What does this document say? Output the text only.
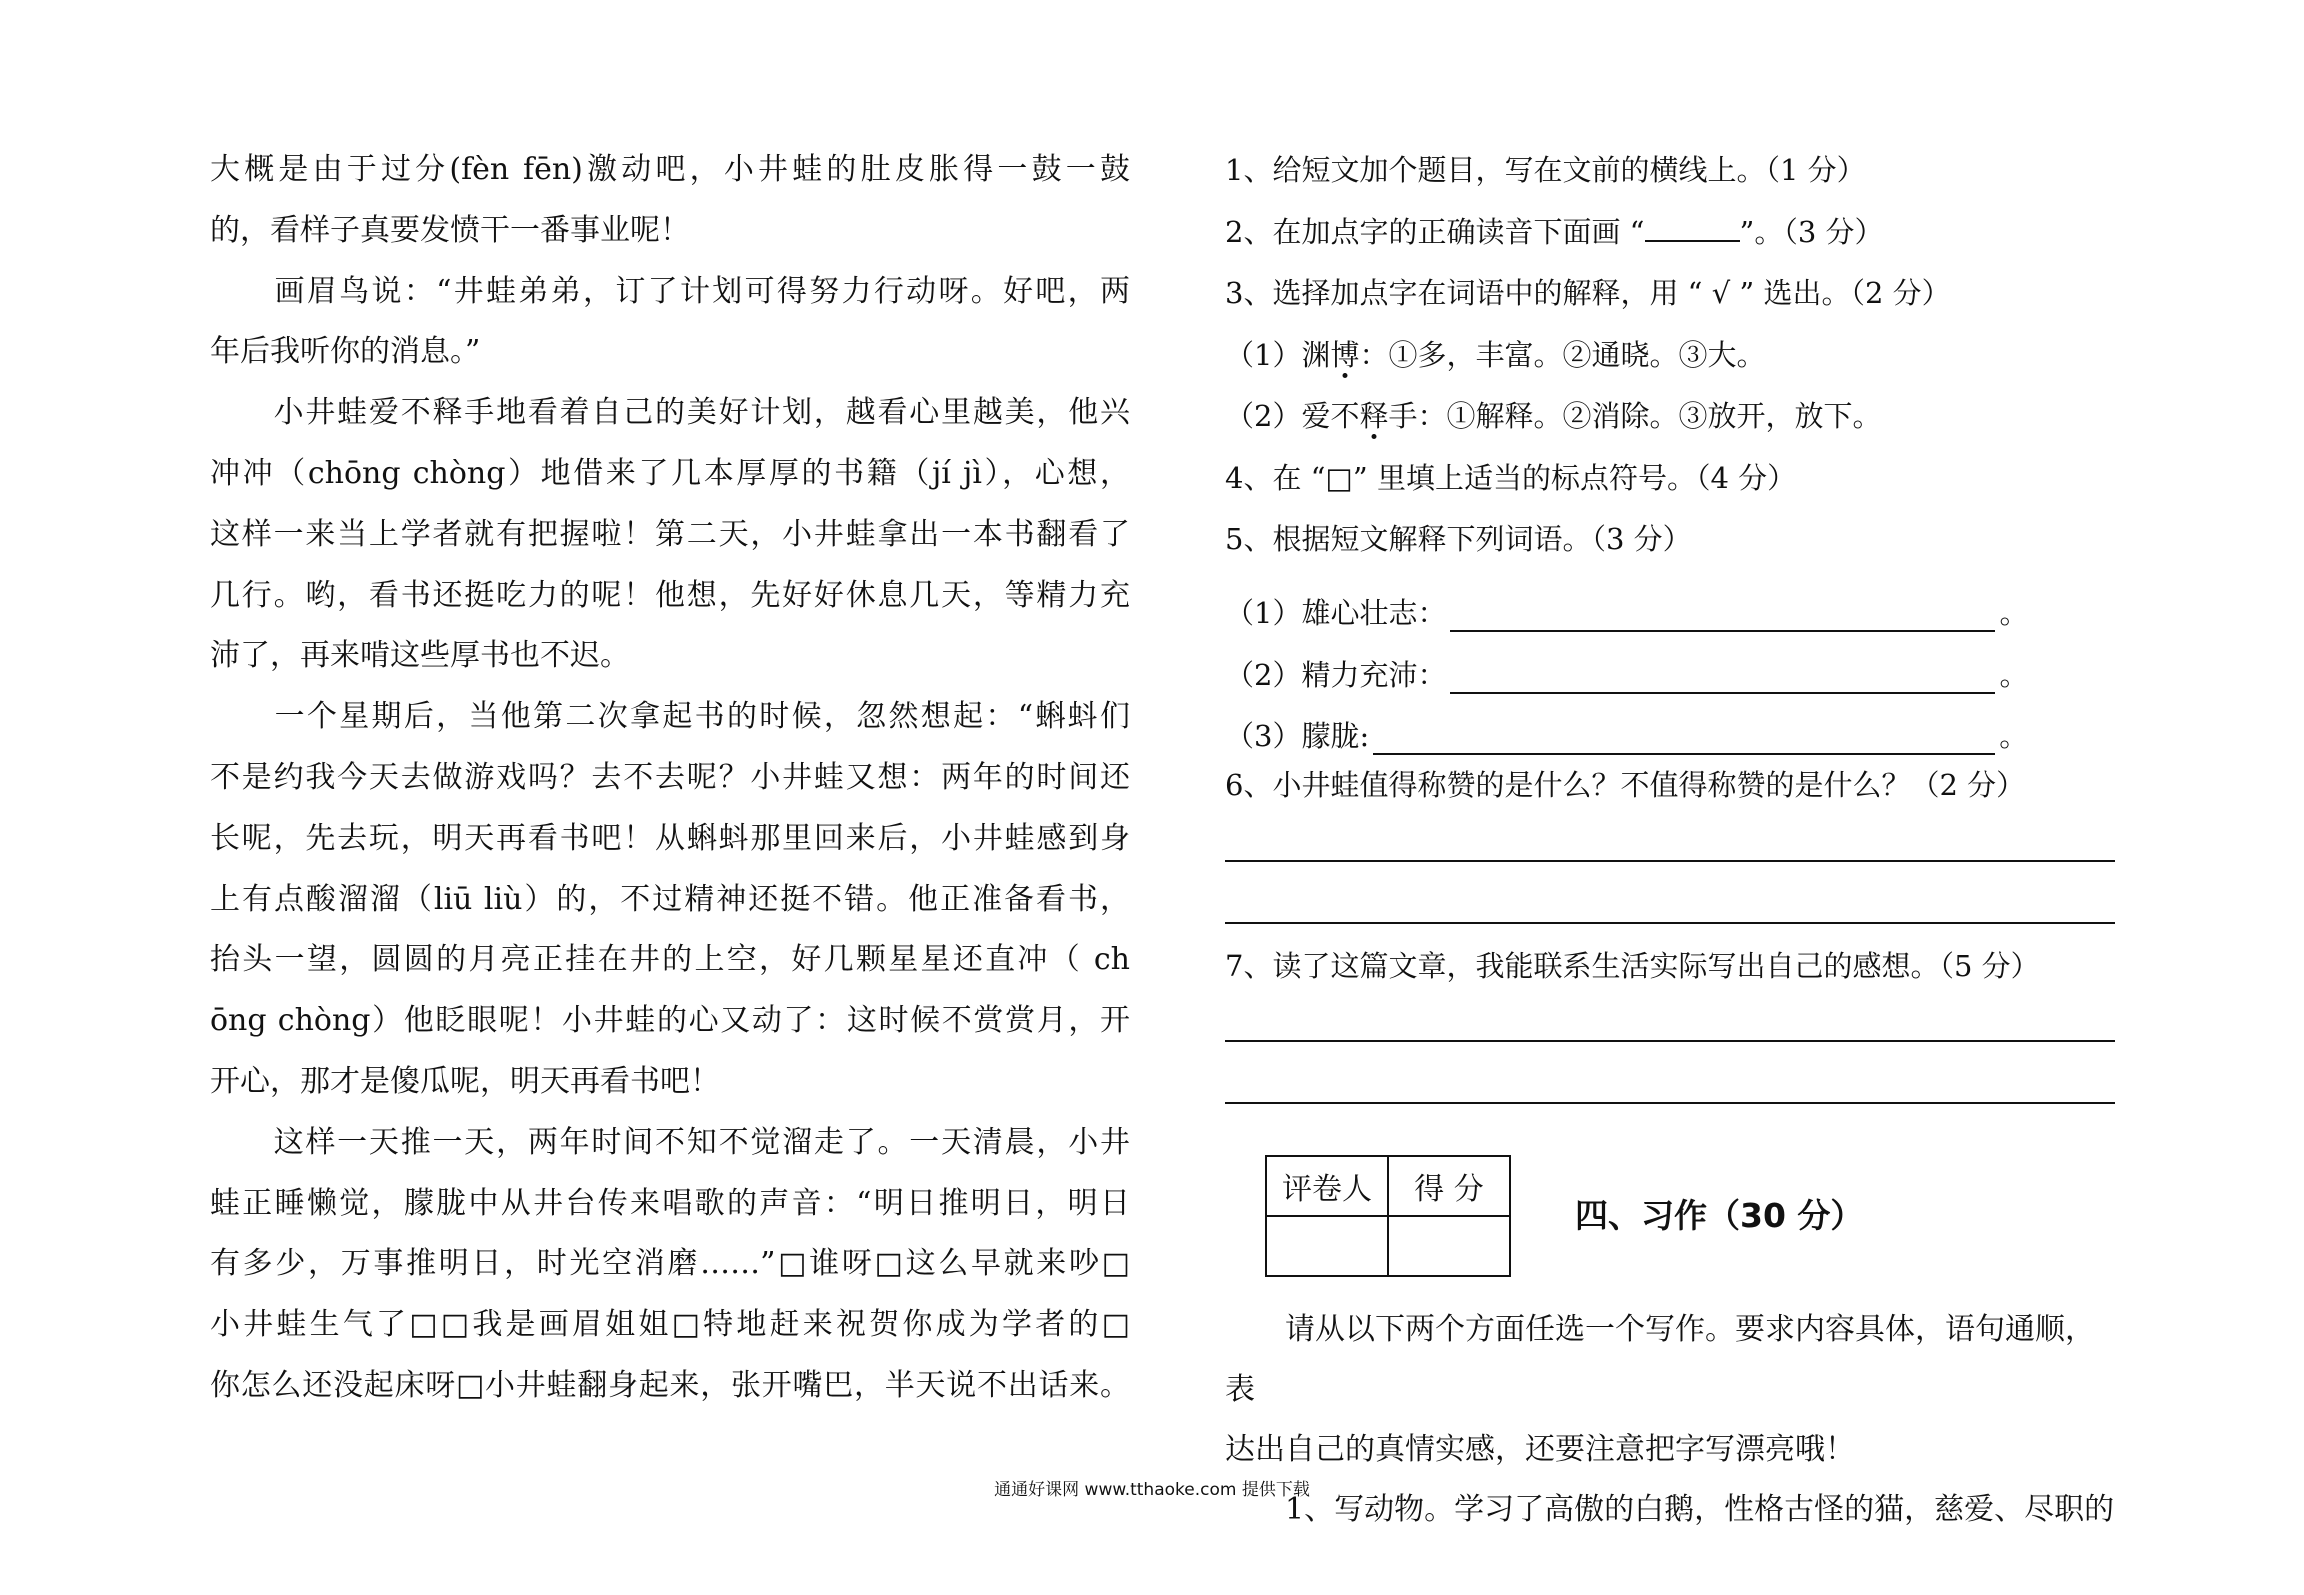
大概是由于过分(fèn fēn)激动吧，小井蛙的肚皮胀得一鼓一鼓
的，看样子真要发愤干一番事业呢！
　　画眉鸟说：“井蛙弟弟，订了计划可得努力行动呀。好吧，两
年后我听你的消息。”
　　小井蛙爱不释手地看着自己的美好计划，越看心里越美，他兴
冲冲（chōng chòng）地借来了几本厚厚的书籍（jí jì），心想，
这样一来当上学者就有把握啦！第二天，小井蛙拿出一本书翻看了
几行。哟，看书还挺吃力的呢！他想，先好好休息几天，等精力充
沛了，再来啃这些厚书也不迟。
　　一个星期后，当他第二次拿起书的时候，忽然想起：“蝌蚪们
不是约我今天去做游戏吗？去不去呢？小井蛙又想：两年的时间还
长呢，先去玩，明天再看书吧！从蝌蚪那里回来后，小井蛙感到身
上有点酸溜溜（liū liù）的，不过精神还挺不错。他正准备看书，
抬头一望，圆圆的月亮正挂在井的上空，好几颗星星还直冲（ ch
ōng chòng）他眨眼呢！小井蛙的心又动了：这时候不赏赏月，开
开心，那才是傻瓜呢，明天再看书吧！
　　这样一天推一天，两年时间不知不觉溜走了。一天清晨，小井
蛙正睡懒觉，朦胧中从井台传来唱歌的声音：“明日推明日，明日
有多少，万事推明日，时光空消磨……”□谁呀□这么早就来吵□
小井蛙生气了□□我是画眉姐姐□特地赶来祝贺你成为学者的□
你怎么还没起床呀□小井蛙翻身起来，张开嘴巴，半天说不出话来。

1、给短文加个题目，写在文前的横线上。（1 分）
2、在加点字的正确读音下面画 “	”。（3 分）
3、选择加点字在词语中的解释，用 “ √ ” 选出。（2 分）
（1）渊博：①多，丰富。②通晓。③大。
（2）爱不释手：①解释。②消除。③放开，放下。
4、在 “□” 里填上适当的标点符号。（4 分）
5、根据短文解释下列词语。（3 分）
（1）雄心壮志：	。
（2）精力充沛：	。
（3）朦胧:	。
6、小井蛙值得称赞的是什么？不值得称赞的是什么？（2 分）
7、读了这篇文章，我能联系生活实际写出自己的感想。（5 分）
评卷人	得 分

四、习作（30 分）

　　请从以下两个方面任选一个写作。要求内容具体，语句通顺，表

达出自己的真情实感，还要注意把字写漂亮哦！

　　1、写动物。学习了高傲的白鹅，性格古怪的猫，慈爱、尽职的

通通好课网 www.tthaoke.com 提供下载
